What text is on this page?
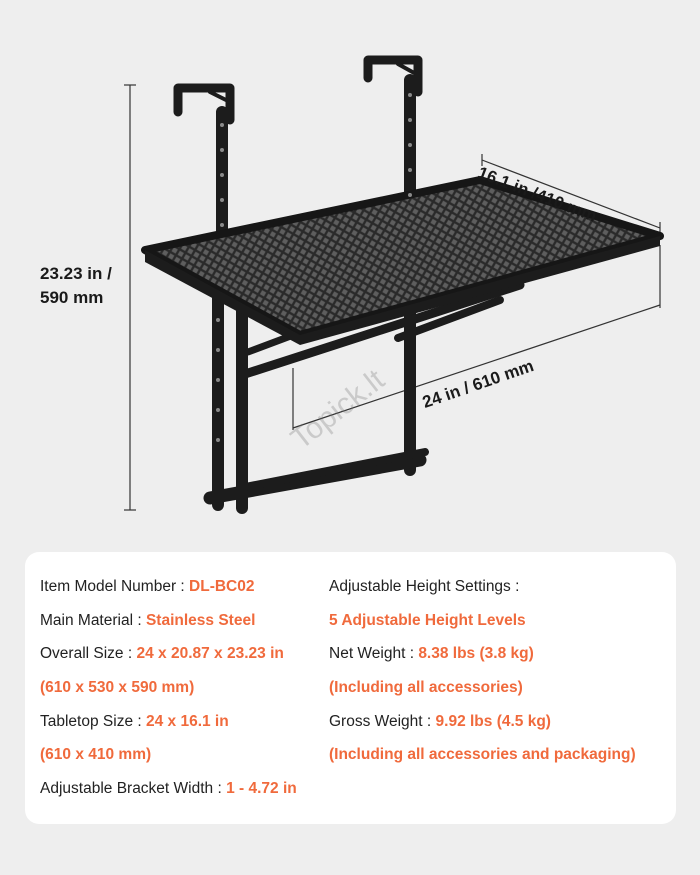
Topick.lt
23.23 in /
590 mm
16.1 in /410 mm
24 in / 610 mm
Item Model Number : DL-BC02
Main Material : Stainless Steel
Overall Size : 24 x 20.87 x 23.23 in
(610 x 530 x 590 mm)
Tabletop Size : 24 x 16.1 in
(610 x 410 mm)
Adjustable Bracket Width : 1 - 4.72 in
Adjustable Height Settings :
5 Adjustable Height Levels
Net Weight : 8.38 lbs (3.8 kg)
(Including all accessories)
Gross Weight : 9.92 lbs (4.5 kg)
(Including all accessories and packaging)
